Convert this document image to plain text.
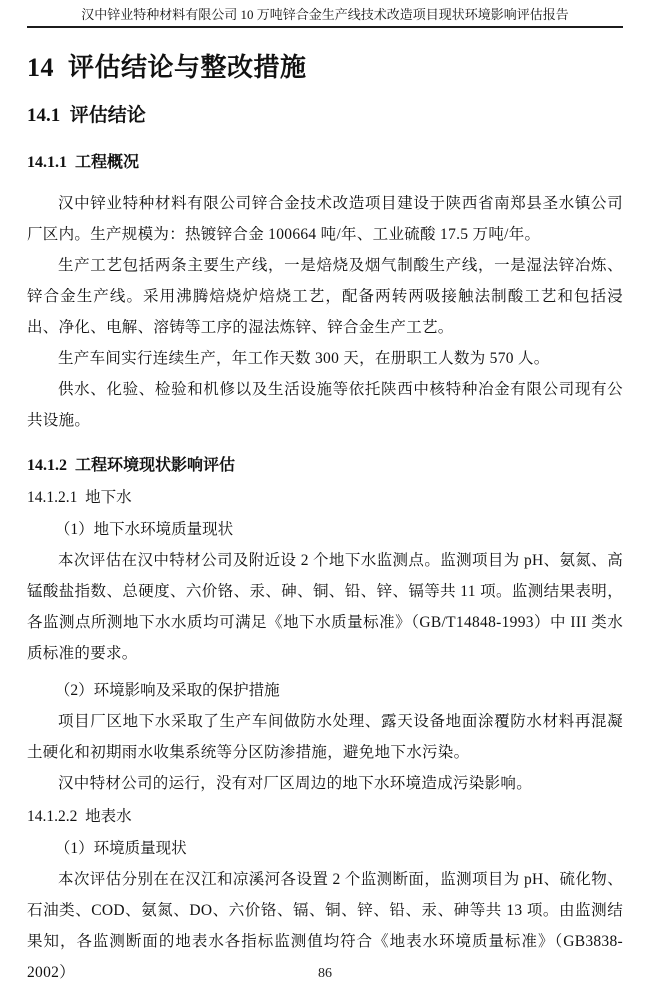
汉中锌业特种材料有限公司 10 万吨锌合金生产线技术改造项目现状环境影响评估报告
14  评估结论与整改措施
14.1  评估结论
14.1.1  工程概况

汉中锌业特种材料有限公司锌合金技术改造项目建设于陕西省南郑县圣水镇公司厂区内。生产规模为：热镀锌合金 100664 吨/年、工业硫酸 17.5 万吨/年。

生产工艺包括两条主要生产线，一是焙烧及烟气制酸生产线，一是湿法锌冶炼、锌合金生产线。采用沸腾焙烧炉焙烧工艺，配备两转两吸接触法制酸工艺和包括浸出、净化、电解、溶铸等工序的湿法炼锌、锌合金生产工艺。

生产车间实行连续生产，年工作天数 300 天，在册职工人数为 570 人。

供水、化验、检验和机修以及生活设施等依托陕西中核特种冶金有限公司现有公共设施。

14.1.2  工程环境现状影响评估
14.1.2.1  地下水

（1）地下水环境质量现状

本次评估在汉中特材公司及附近设 2 个地下水监测点。监测项目为 pH、氨氮、高锰酸盐指数、总硬度、六价铬、汞、砷、铜、铅、锌、镉等共 11 项。监测结果表明，各监测点所测地下水水质均可满足《地下水质量标准》（GB/T14848-1993）中 III 类水质标准的要求。

（2）环境影响及采取的保护措施

项目厂区地下水采取了生产车间做防水处理、露天设备地面涂覆防水材料再混凝土硬化和初期雨水收集系统等分区防渗措施，避免地下水污染。

汉中特材公司的运行，没有对厂区周边的地下水环境造成污染影响。

14.1.2.2  地表水

（1）环境质量现状

本次评估分别在在汉江和凉溪河各设置 2 个监测断面，监测项目为 pH、硫化物、石油类、COD、氨氮、DO、六价铬、镉、铜、锌、铅、汞、砷等共 13 项。由监测结果知，各监测断面的地表水各指标监测值均符合《地表水环境质量标准》（GB3838-2002）	86
